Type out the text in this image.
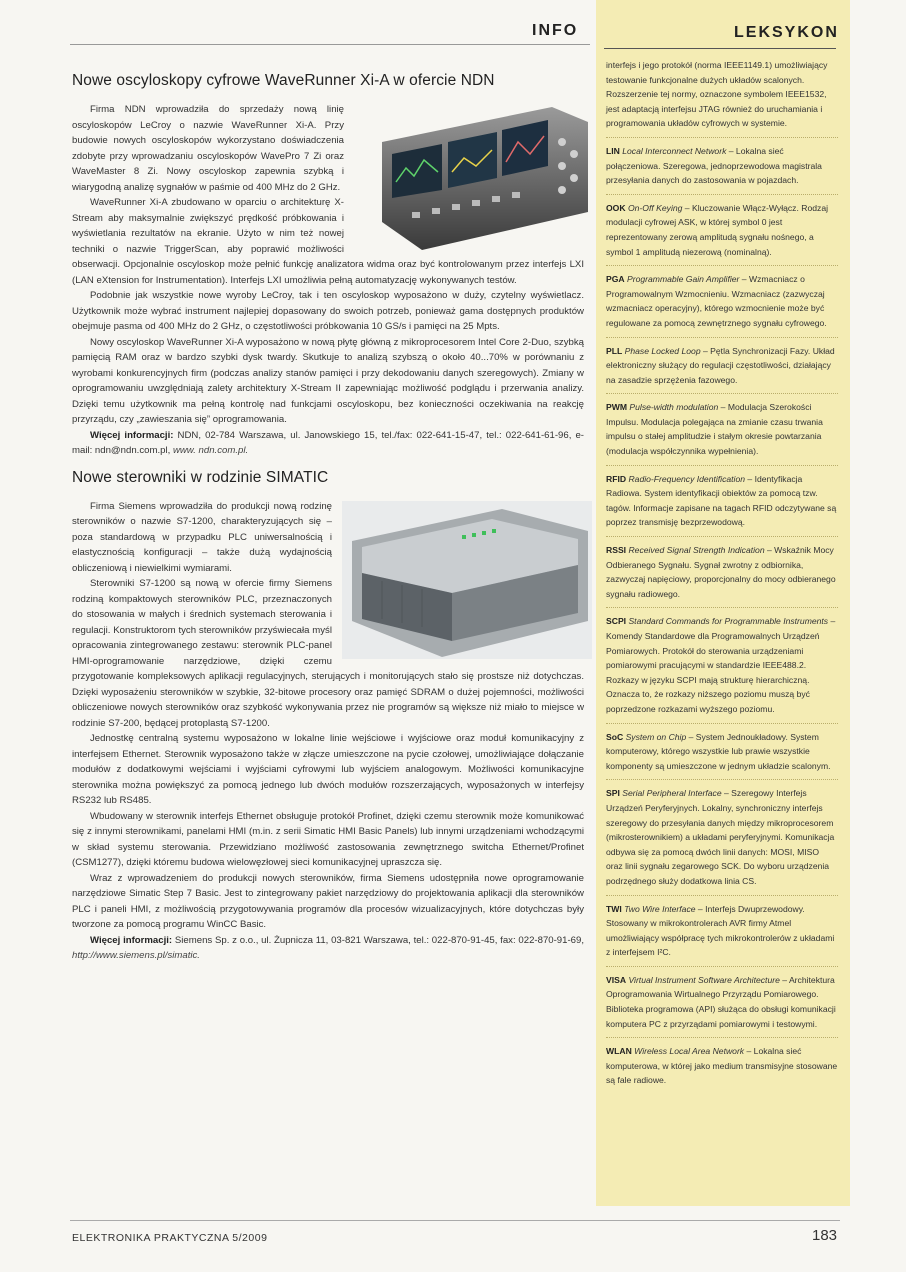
INFO
Nowe oscyloskopy cyfrowe WaveRunner Xi-A w ofercie NDN

Firma NDN wprowadziła do sprzedaży nową linię oscyloskopów LeCroy o nazwie WaveRunner Xi-A. Przy budowie nowych oscyloskopów wykorzystano doświadczenia zdobyte przy wprowadzaniu oscyloskopów WavePro 7 Zi oraz WaveMaster 8 Zi. Nowy oscyloskop zapewnia szybką i wiarygodną analizę sygnałów w paśmie od 400 MHz do 2 GHz.

WaveRunner Xi-A zbudowano w oparciu o architekturę X-Stream aby maksymalnie zwiększyć prędkość próbkowania i wyświetlania rezultatów na ekranie. Użyto w nim też nowej techniki o nazwie TriggerScan, aby poprawić możliwości obserwacji. Opcjonalnie oscyloskop może pełnić funkcję analizatora widma oraz być kontrolowanym przez interfejs LXI (LAN eXtension for Instrumentation). Interfejs LXI umożliwia pełną automatyzację wykonywanych testów.

Podobnie jak wszystkie nowe wyroby LeCroy, tak i ten oscyloskop wyposażono w duży, czytelny wyświetlacz. Użytkownik może wybrać instrument najlepiej dopasowany do swoich potrzeb, ponieważ gama dostępnych produktów obejmuje pasma od 400 MHz do 2 GHz, o częstotliwości próbkowania 10 GS/s i pamięci na 25 Mpts.

Nowy oscyloskop WaveRunner Xi-A wyposażono w nową płytę główną z mikroprocesorem Intel Core 2-Duo, szybką pamięcią RAM oraz w bardzo szybki dysk twardy. Skutkuje to analizą szybszą o około 40...70% w porównaniu z wyrobami konkurencyjnych firm (podczas analizy stanów pamięci i przy dekodowaniu danych szeregowych). Zmiany w oprogramowaniu uwzględniają zalety architektury X-Stream II zapewniając możliwość podglądu i przerwania analizy. Dzięki temu użytkownik ma pełną kontrolę nad funkcjami oscyloskopu, bez konieczności oczekiwania na reakcję przyrządu, czy „zawieszania się” oprogramowania.

Więcej informacji: NDN, 02-784 Warszawa, ul. Janowskiego 15, tel./fax: 022-641-15-47, tel.: 022-641-61-96, e-mail: ndn@ndn.com.pl, www. ndn.com.pl.

Nowe sterowniki w rodzinie SIMATIC

Firma Siemens wprowadziła do produkcji nową rodzinę sterowników o nazwie S7-1200, charakteryzujących się – poza standardową w przypadku PLC uniwersalnością i elastycznością konfiguracji – także dużą wydajnością obliczeniową i niewielkimi wymiarami.

Sterowniki S7-1200 są nową w ofercie firmy Siemens rodziną kompaktowych sterowników PLC, przeznaczonych do stosowania w małych i średnich systemach sterowania i regulacji. Konstruktorom tych sterowników przyświecała myśl opracowania zintegrowanego zestawu: sterownik PLC-panel HMI-oprogramowanie narzędziowe, dzięki czemu przygotowanie kompleksowych aplikacji regulacyjnych, sterujących i monitorujących stało się prostsze niż dotychczas. Dzięki wyposażeniu sterowników w szybkie, 32-bitowe procesory oraz pamięć SDRAM o dużej pojemności, możliwości obliczeniowe nowych sterowników oraz szybkość wykonywania przez nie programów są większe niż miało to miejsce w rodzinie S7-200, będącej protoplastą S7-1200.

Jednostkę centralną systemu wyposażono w lokalne linie wejściowe i wyjściowe oraz moduł komunikacyjny z interfejsem Ethernet. Sterownik wyposażono także w złącze umieszczone na pycie czołowej, umożliwiające dołączanie modułów z dodatkowymi wejściami i wyjściami cyfrowymi lub wyjściem analogowym. Możliwości komunikacyjne sterownika można powiększyć za pomocą jednego lub dwóch modułów rozszerzających, wyposażonych w interfejsy RS232 lub RS485.

Wbudowany w sterownik interfejs Ethernet obsługuje protokół Profinet, dzięki czemu sterownik może komunikować się z innymi sterownikami, panelami HMI (m.in. z serii Simatic HMI Basic Panels) lub innymi urządzeniami wchodzącymi w skład systemu sterowania. Przewidziano możliwość zastosowania zewnętrznego switcha Ethernet/Profinet (CSM1277), dzięki któremu budowa wielowęzłowej sieci komunikacyjnej upraszcza się.

Wraz z wprowadzeniem do produkcji nowych sterowników, firma Siemens udostępniła nowe oprogramowanie narzędziowe Simatic Step 7 Basic. Jest to zintegrowany pakiet narzędziowy do projektowania aplikacji dla sterowników PLC i paneli HMI, z możliwością przygotowywania programów dla procesów wizualizacyjnych, które dotychczas były tworzone za pomocą programu WinCC Basic.

Więcej informacji: Siemens Sp. z o.o., ul. Żupnicza 11, 03-821 Warszawa, tel.: 022-870-91-45, fax: 022-870-91-69, http://www.siemens.pl/simatic.

LEKSYKON

interfejs i jego protokół (norma IEEE1149.1) umożliwiający testowanie funkcjonalne dużych układów scalonych. Rozszerzenie tej normy, oznaczone symbolem IEEE1532, jest adaptacją interfejsu JTAG również do uruchamiania i programowania układów cyfrowych w systemie.

LIN Local Interconnect Network – Lokalna sieć połączeniowa. Szeregowa, jednoprzewodowa magistrala przesyłania danych do zastosowania w pojazdach.

OOK On-Off Keying – Kluczowanie Włącz-Wyłącz. Rodzaj modulacji cyfrowej ASK, w której symbol 0 jest reprezentowany zerową amplitudą sygnału nośnego, a symbol 1 amplitudą niezerową (nominalną).

PGA Programmable Gain Amplifier – Wzmacniacz o Programowalnym Wzmocnieniu. Wzmacniacz (zazwyczaj wzmacniacz operacyjny), którego wzmocnienie może być regulowane za pomocą zewnętrznego sygnału cyfrowego.

PLL Phase Locked Loop – Pętla Synchronizacji Fazy. Układ elektroniczny służący do regulacji częstotliwości, działający na zasadzie sprzężenia fazowego.

PWM Pulse-width modulation – Modulacja Szerokości Impulsu. Modulacja polegająca na zmianie czasu trwania impulsu o stałej amplitudzie i stałym okresie powtarzania (modulacja współczynnika wypełnienia).

RFID Radio-Frequency Identification – Identyfikacja Radiowa. System identyfikacji obiektów za pomocą tzw. tagów. Informacje zapisane na tagach RFID odczytywane są poprzez transmisję bezprzewodową.

RSSI Received Signal Strength Indication – Wskaźnik Mocy Odbieranego Sygnału. Sygnał zwrotny z odbiornika, zazwyczaj napięciowy, proporcjonalny do mocy odbieranego sygnału radiowego.

SCPI Standard Commands for Programmable Instruments – Komendy Standardowe dla Programowalnych Urządzeń Pomiarowych. Protokół do sterowania urządzeniami pomiarowymi pracującymi w standardzie IEEE488.2. Rozkazy w języku SCPI mają strukturę hierarchiczną. Oznacza to, że rozkazy niższego poziomu muszą być poprzedzone rozkazami wyższego poziomu.

SoC System on Chip – System Jednoukładowy. System komputerowy, którego wszystkie lub prawie wszystkie komponenty są umieszczone w jednym układzie scalonym.

SPI Serial Peripheral Interface – Szeregowy Interfejs Urządzeń Peryferyjnych. Lokalny, synchroniczny interfejs szeregowy do przesyłania danych między mikroprocesorem (mikrosterownikiem) a układami peryferyjnymi. Komunikacja odbywa się za pomocą dwóch linii danych: MOSI, MISO oraz linii sygnału zegarowego SCK. Do wyboru urządzenia podrzędnego służy dodatkowa linia CS.

TWI Two Wire Interface – Interfejs Dwuprzewodowy. Stosowany w mikrokontrolerach AVR firmy Atmel umożliwiający współpracę tych mikrokontrolerów z układami z interfejsem I²C.

VISA Virtual Instrument Software Architecture – Architektura Oprogramowania Wirtualnego Przyrządu Pomiarowego. Biblioteka programowa (API) służąca do obsługi komunikacji komputera PC z przyrządami pomiarowymi i testowymi.

WLAN Wireless Local Area Network – Lokalna sieć komputerowa, w której jako medium transmisyjne stosowane są fale radiowe.

ELEKTRONIKA PRAKTYCZNA 5/2009	183
